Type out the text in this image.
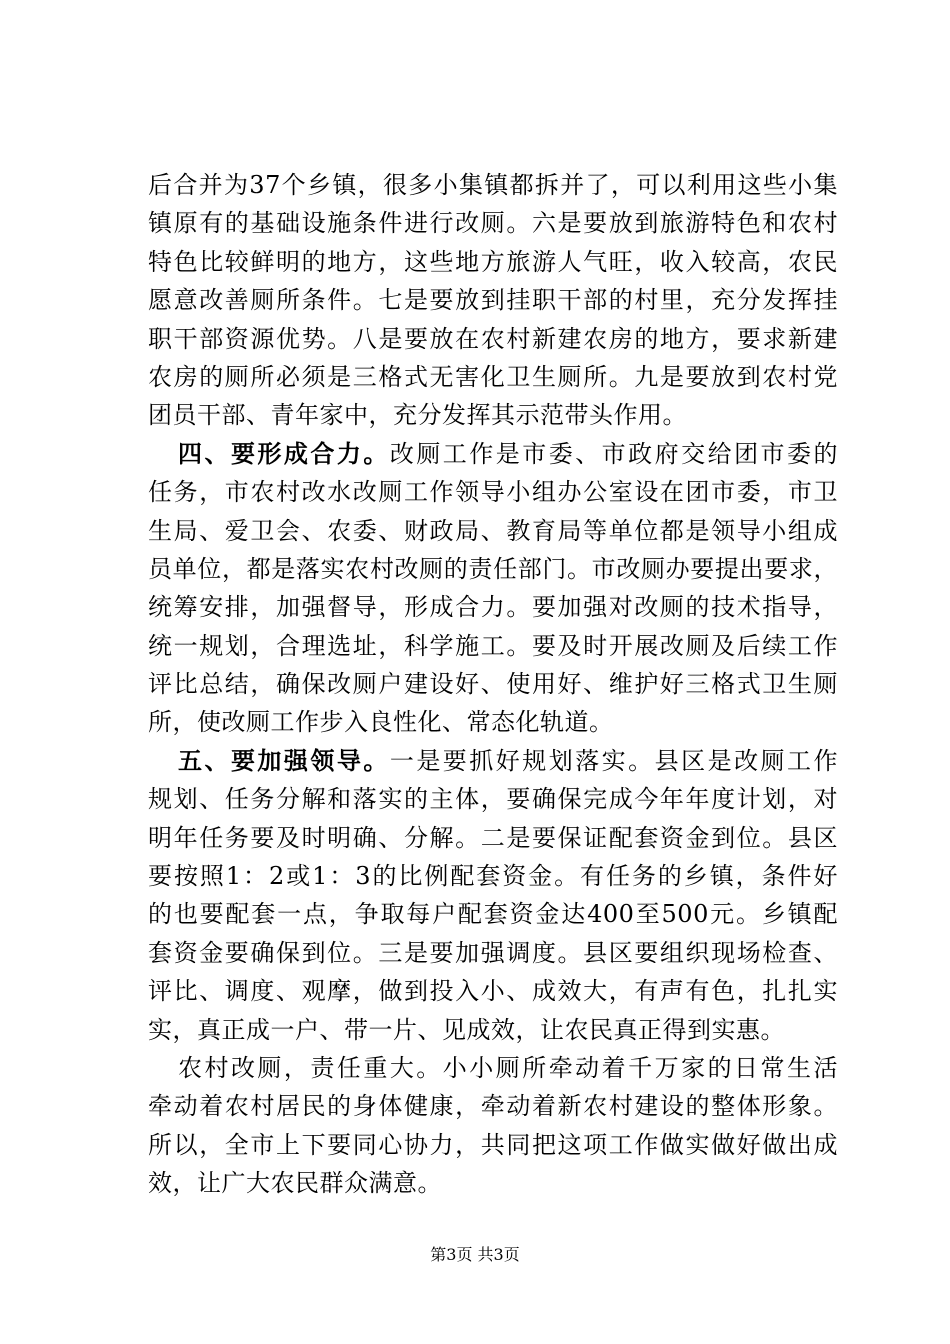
后合并为37个乡镇，很多小集镇都拆并了，可以利用这些小集
镇原有的基础设施条件进行改厕。六是要放到旅游特色和农村
特色比较鲜明的地方，这些地方旅游人气旺，收入较高，农民
愿意改善厕所条件。七是要放到挂职干部的村里，充分发挥挂
职干部资源优势。八是要放在农村新建农房的地方，要求新建
农房的厕所必须是三格式无害化卫生厕所。九是要放到农村党
团员干部、青年家中，充分发挥其示范带头作用。
四、要形成合力。改厕工作是市委、市政府交给团市委的
任务，市农村改水改厕工作领导小组办公室设在团市委，市卫
生局、爱卫会、农委、财政局、教育局等单位都是领导小组成
员单位，都是落实农村改厕的责任部门。市改厕办要提出要求，
统筹安排，加强督导，形成合力。要加强对改厕的技术指导，
统一规划，合理选址，科学施工。要及时开展改厕及后续工作
评比总结，确保改厕户建设好、使用好、维护好三格式卫生厕
所，使改厕工作步入良性化、常态化轨道。
五、要加强领导。一是要抓好规划落实。县区是改厕工作
规划、任务分解和落实的主体，要确保完成今年年度计划，对
明年任务要及时明确、分解。二是要保证配套资金到位。县区
要按照1：2或1：3的比例配套资金。有任务的乡镇，条件好
的也要配套一点，争取每户配套资金达400至500元。乡镇配
套资金要确保到位。三是要加强调度。县区要组织现场检查、
评比、调度、观摩，做到投入小、成效大，有声有色，扎扎实
实，真正成一户、带一片、见成效，让农民真正得到实惠。
农村改厕，责任重大。小小厕所牵动着千万家的日常生活
牵动着农村居民的身体健康，牵动着新农村建设的整体形象。
所以，全市上下要同心协力，共同把这项工作做实做好做出成
效，让广大农民群众满意。
第3页 共3页
